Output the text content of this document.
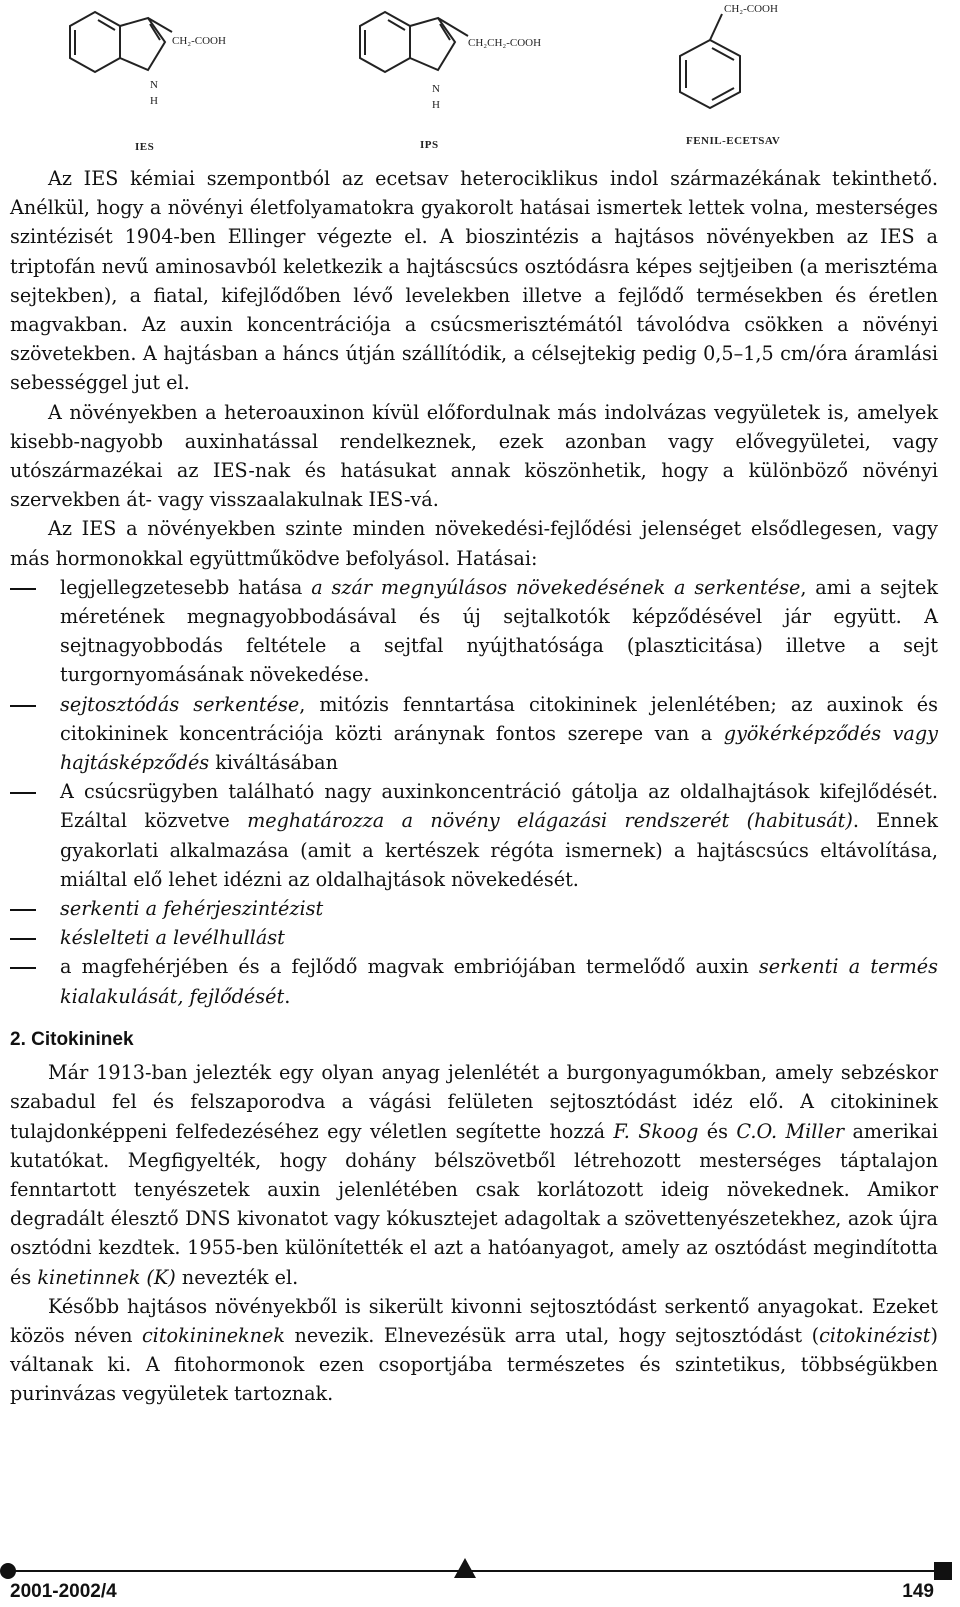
CH₂-COOH
N
H
IES
CH₂CH₂-COOH
N
H
IPS
CH₂-COOH
FENIL-ECETSAV

Az IES kémiai szempontból az ecetsav heterociklikus indol származékának tekinthető. Anélkül, hogy a növényi életfolyamatokra gyakorolt hatásai ismertek lettek volna, mesterséges szintézisét 1904-ben Ellinger végezte el. A bioszintézis a hajtásos növényekben az IES a triptofán nevű aminosavból keletkezik a hajtáscsúcs osztódásra képes sejtjeiben (a merisztéma sejtekben), a fiatal, kifejlődőben lévő levelekben illetve a fejlődő termésekben és éretlen magvakban. Az auxin koncentrációja a csúcsmerisztémától távolódva csökken a növényi szövetekben. A hajtásban a háncs útján szállítódik, a célsejtekig pedig 0,5–1,5 cm/óra áramlási sebességgel jut el.

A növényekben a heteroauxinon kívül előfordulnak más indolvázas vegyületek is, amelyek kisebb-nagyobb auxinhatással rendelkeznek, ezek azonban vagy elővegyületei, vagy utószármazékai az IES-nak és hatásukat annak köszönhetik, hogy a különböző növényi szervekben át- vagy visszaalakulnak IES-vá.

Az IES a növényekben szinte minden növekedési-fejlődési jelenséget elsődlegesen, vagy más hormonokkal együttműködve befolyásol. Hatásai:

legjellegzetesebb hatása a szár megnyúlásos növekedésének a serkentése, ami a sejtek méretének megnagyobbodásával és új sejtalkotók képződésével jár együtt. A sejtnagyobbodás feltétele a sejtfal nyújthatósága (plaszticitása) illetve a sejt turgornyomásának növekedése.
sejtosztódás serkentése, mitózis fenntartása citokininek jelenlétében; az auxinok és citokininek koncentrációja közti aránynak fontos szerepe van a gyökérképződés vagy hajtásképződés kiváltásában
A csúcsrügyben található nagy auxinkoncentráció gátolja az oldalhajtások kifejlődését. Ezáltal közvetve meghatározza a növény elágazási rendszerét (habitusát). Ennek gyakorlati alkalmazása (amit a kertészek régóta ismernek) a hajtáscsúcs eltávolítása, miáltal elő lehet idézni az oldalhajtások növekedését.
serkenti a fehérjeszintézist
késlelteti a levélhullást
a magfehérjében és a fejlődő magvak embriójában termelődő auxin serkenti a termés kialakulását, fejlődését.

2. Citokininek

Már 1913-ban jelezték egy olyan anyag jelenlétét a burgonyagumókban, amely sebzéskor szabadul fel és felszaporodva a vágási felületen sejtosztódást idéz elő. A citokininek tulajdonképpeni felfedezéséhez egy véletlen segítette hozzá F. Skoog és C.O. Miller amerikai kutatókat. Megfigyelték, hogy dohány bélszövetből létrehozott mesterséges táptalajon fenntartott tenyészetek auxin jelenlétében csak korlátozott ideig növekednek. Amikor degradált élesztő DNS kivonatot vagy kókusztejet adagoltak a szövettenyészetekhez, azok újra osztódni kezdtek. 1955-ben különítették el azt a hatóanyagot, amely az osztódást megindította és kinetinnek (K) nevezték el.

Később hajtásos növényekből is sikerült kivonni sejtosztódást serkentő anyagokat. Ezeket közös néven citokinineknek nevezik. Elnevezésük arra utal, hogy sejtosztódást (citokinézist) váltanak ki. A fitohormonok ezen csoportjába természetes és szintetikus, többségükben purinvázas vegyületek tartoznak.

2001-2002/4	149
